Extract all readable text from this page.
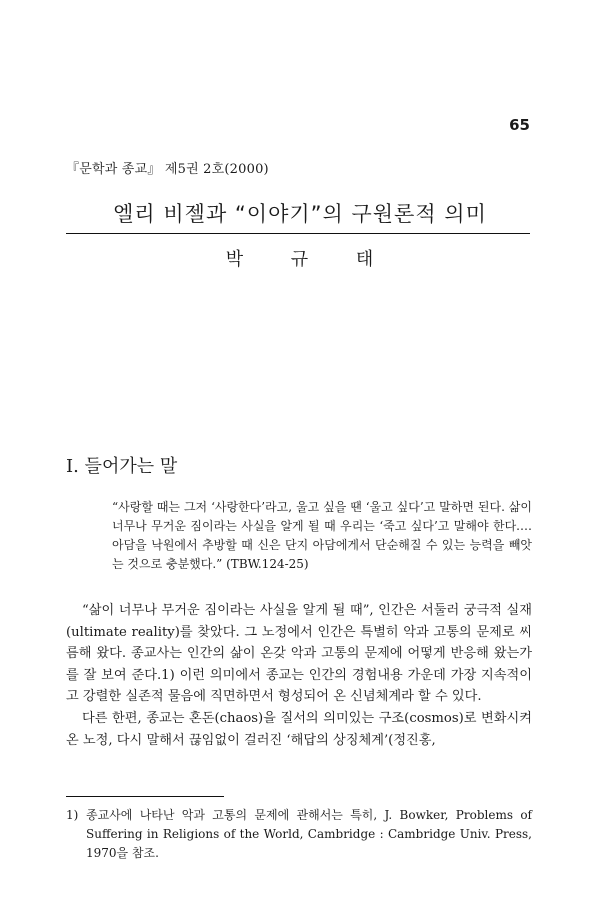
65
『문학과 종교』 제5권 2호(2000)
엘리 비젤과 “이야기”의 구원론적 의미
박 규 태
I. 들어가는 말

“사랑할 때는 그저 ‘사랑한다’라고, 울고 싶을 땐 ‘울고 싶다’고 말하면 된다. 삶이 너무나 무거운 짐이라는 사실을 알게 될 때 우리는 ‘죽고 싶다’고 말해야 한다.… 아담을 낙원에서 추방할 때 신은 단지 아담에게서 단순해질 수 있는 능력을 빼앗는 것으로 충분했다.” (TBW.124-25)

“삶이 너무나 무거운 짐이라는 사실을 알게 될 때”, 인간은 서둘러 궁극적 실재(ultimate reality)를 찾았다. 그 노정에서 인간은 특별히 악과 고통의 문제로 씨름해 왔다. 종교사는 인간의 삶이 온갖 악과 고통의 문제에 어떻게 반응해 왔는가를 잘 보여 준다.1) 이런 의미에서 종교는 인간의 경험내용 가운데 가장 지속적이고 강렬한 실존적 물음에 직면하면서 형성되어 온 신념체계라 할 수 있다.

다른 한편, 종교는 혼돈(chaos)을 질서의 의미있는 구조(cosmos)로 변화시켜 온 노정, 다시 말해서 끊임없이 걸러진 ‘해답의 상징체계’(정진홍,

1) 종교사에 나타난 악과 고통의 문제에 관해서는 특히, J. Bowker, Problems of Suffering in Religions of the World, Cambridge : Cambridge Univ. Press, 1970을 참조.
